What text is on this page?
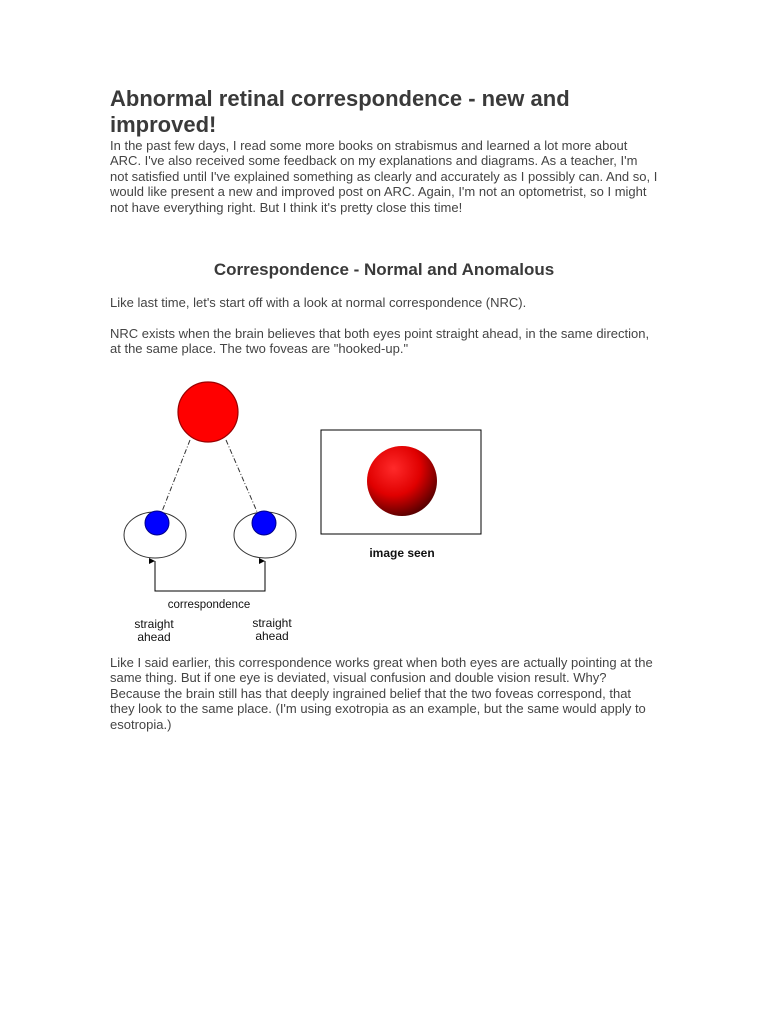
Abnormal retinal correspondence - new and improved!

In the past few days, I read some more books on strabismus and learned a lot more about ARC. I've also received some feedback on my explanations and diagrams. As a teacher, I'm not satisfied until I've explained something as clearly and accurately as I possibly can. And so, I would like present a new and improved post on ARC. Again, I'm not an optometrist, so I might not have everything right. But I think it's pretty close this time!

Correspondence - Normal and Anomalous

Like last time, let's start off with a look at normal correspondence (NRC).

NRC exists when the brain believes that both eyes point straight ahead, in the same direction, at the same place. The two foveas are "hooked-up."

Like I said earlier, this correspondence works great when both eyes are actually pointing at the same thing. But if one eye is deviated, visual confusion and double vision result. Why? Because the brain still has that deeply ingrained belief that the two foveas correspond, that they look to the same place. (I'm using exotropia as an example, but the same would apply to esotropia.)

correspondence
straight
ahead
straight
ahead
image seen
